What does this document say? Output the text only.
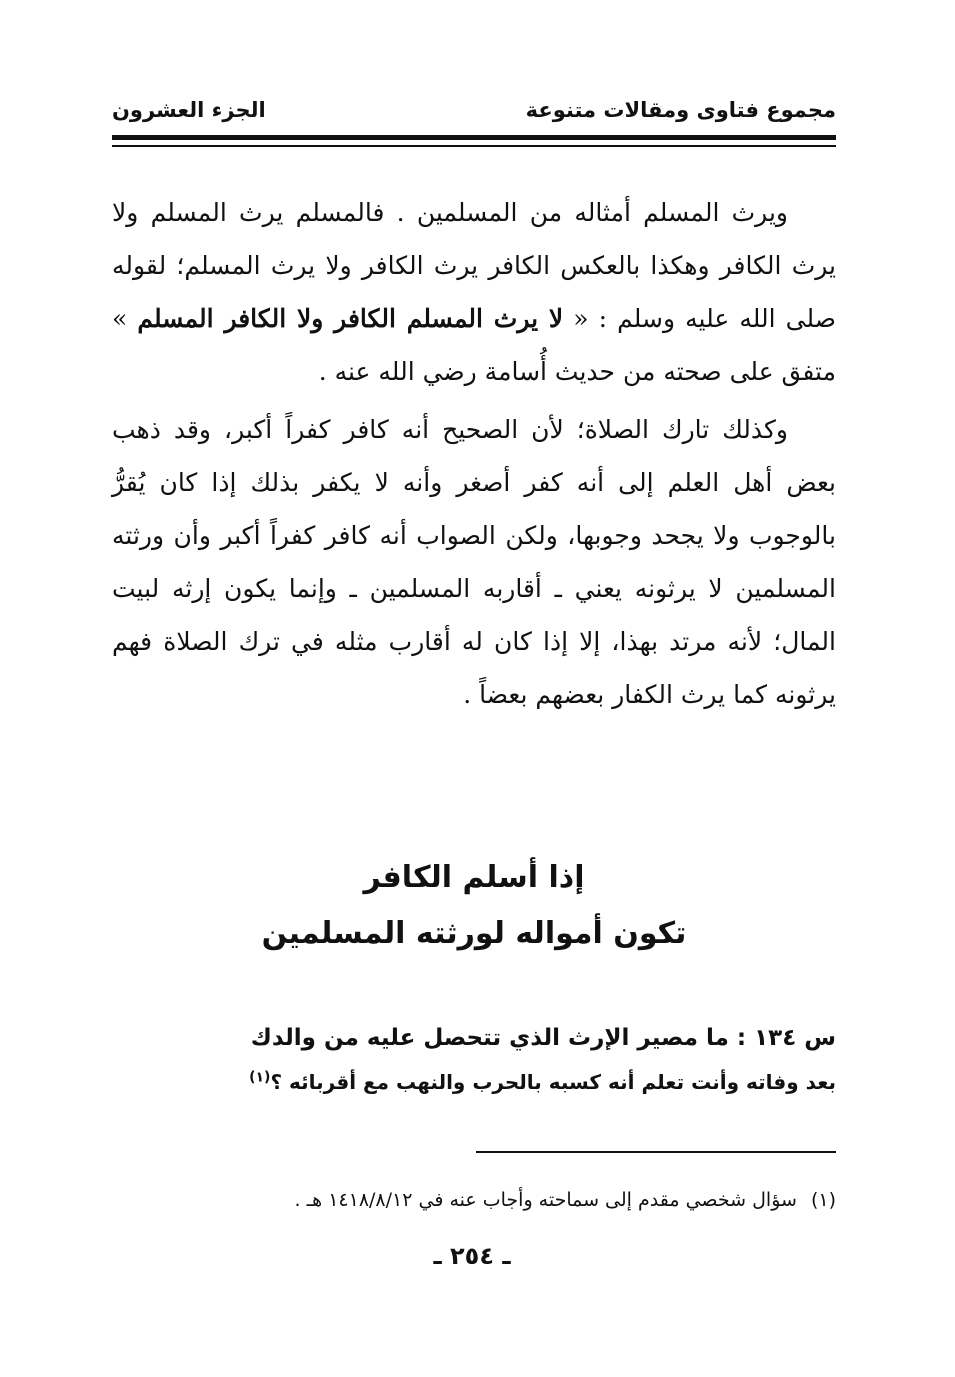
مجموع فتاوى ومقالات متنوعة
الجزء العشرون

ويرث المسلم أمثاله من المسلمين . فالمسلم يرث المسلم ولا يرث الكافر وهكذا بالعكس الكافر يرث الكافر ولا يرث المسلم؛ لقوله صلى الله عليه وسلم : « لا يرث المسلم الكافر ولا الكافر المسلم » متفق على صحته من حديث أُسامة رضي الله عنه .

وكذلك تارك الصلاة؛ لأن الصحيح أنه كافر كفراً أكبر، وقد ذهب بعض أهل العلم إلى أنه كفر أصغر وأنه لا يكفر بذلك إذا كان يُقرُّ بالوجوب ولا يجحد وجوبها، ولكن الصواب أنه كافر كفراً أكبر وأن ورثته المسلمين لا يرثونه يعني ـ أقاربه المسلمين ـ وإنما يكون إرثه لبيت المال؛ لأنه مرتد بهذا، إلا إذا كان له أقارب مثله في ترك الصلاة فهم يرثونه كما يرث الكفار بعضهم بعضاً .

إذا أسلم الكافر
تكون أمواله لورثته المسلمين
س ١٣٤ : ما مصير الإرث الذي تتحصل عليه من والدك
بعد وفاته وأنت تعلم أنه كسبه بالحرب والنهب مع أقربائه ؟$^{(١)}$
(١)سؤال شخصي مقدم إلى سماحته وأجاب عنه في ١٤١٨/٨/١٢ هـ .
ـ ٢٥٤ ـ
